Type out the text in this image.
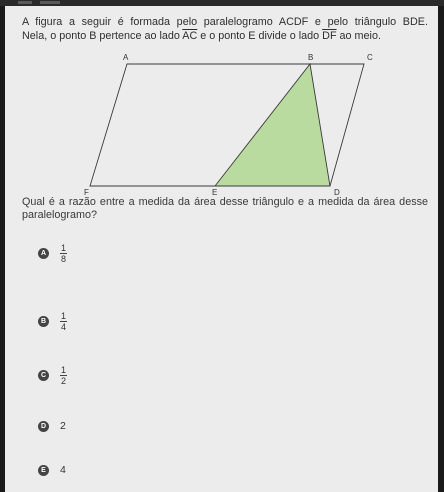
A figura a seguir é formada pelo paralelogramo ACDF e pelo triângulo BDE.
Nela, o ponto B pertence ao lado $\overline{AC}$ e o ponto E divide o lado $\overline{DF}$ ao meio.
A	B	C
D
E
F
Qual é a razão entre a medida da área desse triângulo e a medida da área desse paralelogramo?
A	$\frac{1}{8}$
B	$\frac{1}{4}$
C	$\frac{1}{2}$
D 2
E	4
